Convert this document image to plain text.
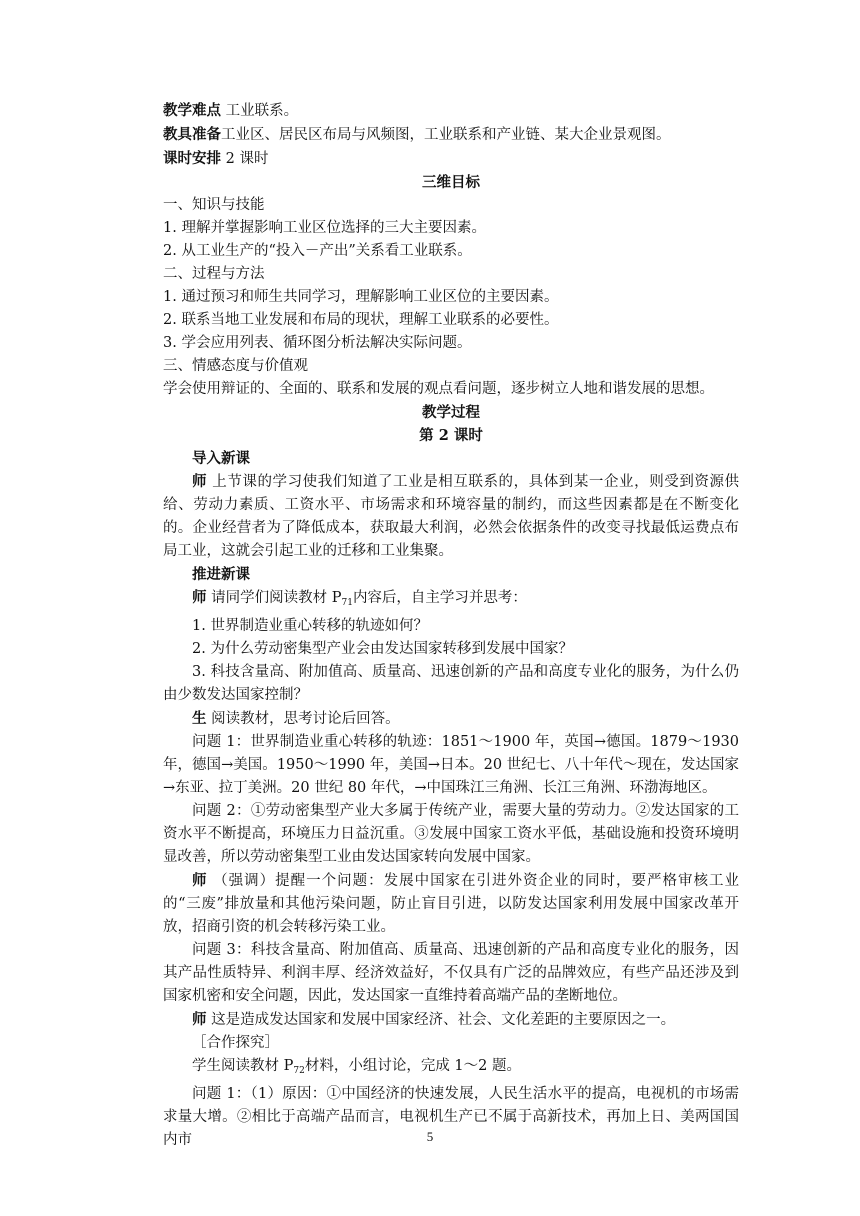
教学难点 工业联系。

教具准备工业区、居民区布局与风频图，工业联系和产业链、某大企业景观图。

课时安排 2 课时

三维目标

一、知识与技能

1. 理解并掌握影响工业区位选择的三大主要因素。

2. 从工业生产的“投入－产出”关系看工业联系。

二、过程与方法

1. 通过预习和师生共同学习，理解影响工业区位的主要因素。

2. 联系当地工业发展和布局的现状，理解工业联系的必要性。

3. 学会应用列表、循环图分析法解决实际问题。

三、情感态度与价值观

学会使用辩证的、全面的、联系和发展的观点看问题，逐步树立人地和谐发展的思想。

教学过程

第 2 课时

导入新课

师 上节课的学习使我们知道了工业是相互联系的，具体到某一企业，则受到资源供给、劳动力素质、工资水平、市场需求和环境容量的制约，而这些因素都是在不断变化的。企业经营者为了降低成本，获取最大利润，必然会依据条件的改变寻找最低运费点布局工业，这就会引起工业的迁移和工业集聚。

推进新课

师 请同学们阅读教材 $P_{71}$内容后，自主学习并思考：

1. 世界制造业重心转移的轨迹如何？

2. 为什么劳动密集型产业会由发达国家转移到发展中国家？

3. 科技含量高、附加值高、质量高、迅速创新的产品和高度专业化的服务，为什么仍由少数发达国家控制？

生 阅读教材，思考讨论后回答。

问题 1：世界制造业重心转移的轨迹：1851～1900 年，英国→德国。1879～1930 年，德国→美国。1950～1990 年，美国→日本。20 世纪七、八十年代～现在，发达国家→东亚、拉丁美洲。20 世纪 80 年代，→中国珠江三角洲、长江三角洲、环渤海地区。

问题 2：①劳动密集型产业大多属于传统产业，需要大量的劳动力。②发达国家的工资水平不断提高，环境压力日益沉重。③发展中国家工资水平低，基础设施和投资环境明显改善，所以劳动密集型工业由发达国家转向发展中国家。

师 （强调）提醒一个问题：发展中国家在引进外资企业的同时，要严格审核工业的“三废”排放量和其他污染问题，防止盲目引进，以防发达国家利用发展中国家改革开放，招商引资的机会转移污染工业。

问题 3：科技含量高、附加值高、质量高、迅速创新的产品和高度专业化的服务，因其产品性质特异、利润丰厚、经济效益好，不仅具有广泛的品牌效应，有些产品还涉及到国家机密和安全问题，因此，发达国家一直维持着高端产品的垄断地位。

师 这是造成发达国家和发展中国家经济、社会、文化差距的主要原因之一。

［合作探究］

学生阅读教材 $P_{72}$材料，小组讨论，完成 1～2 题。

问题 1：（1）原因：①中国经济的快速发展，人民生活水平的提高，电视机的市场需求量大增。②相比于高端产品而言，电视机生产已不属于高新技术，再加上日、美两国国内市	5
